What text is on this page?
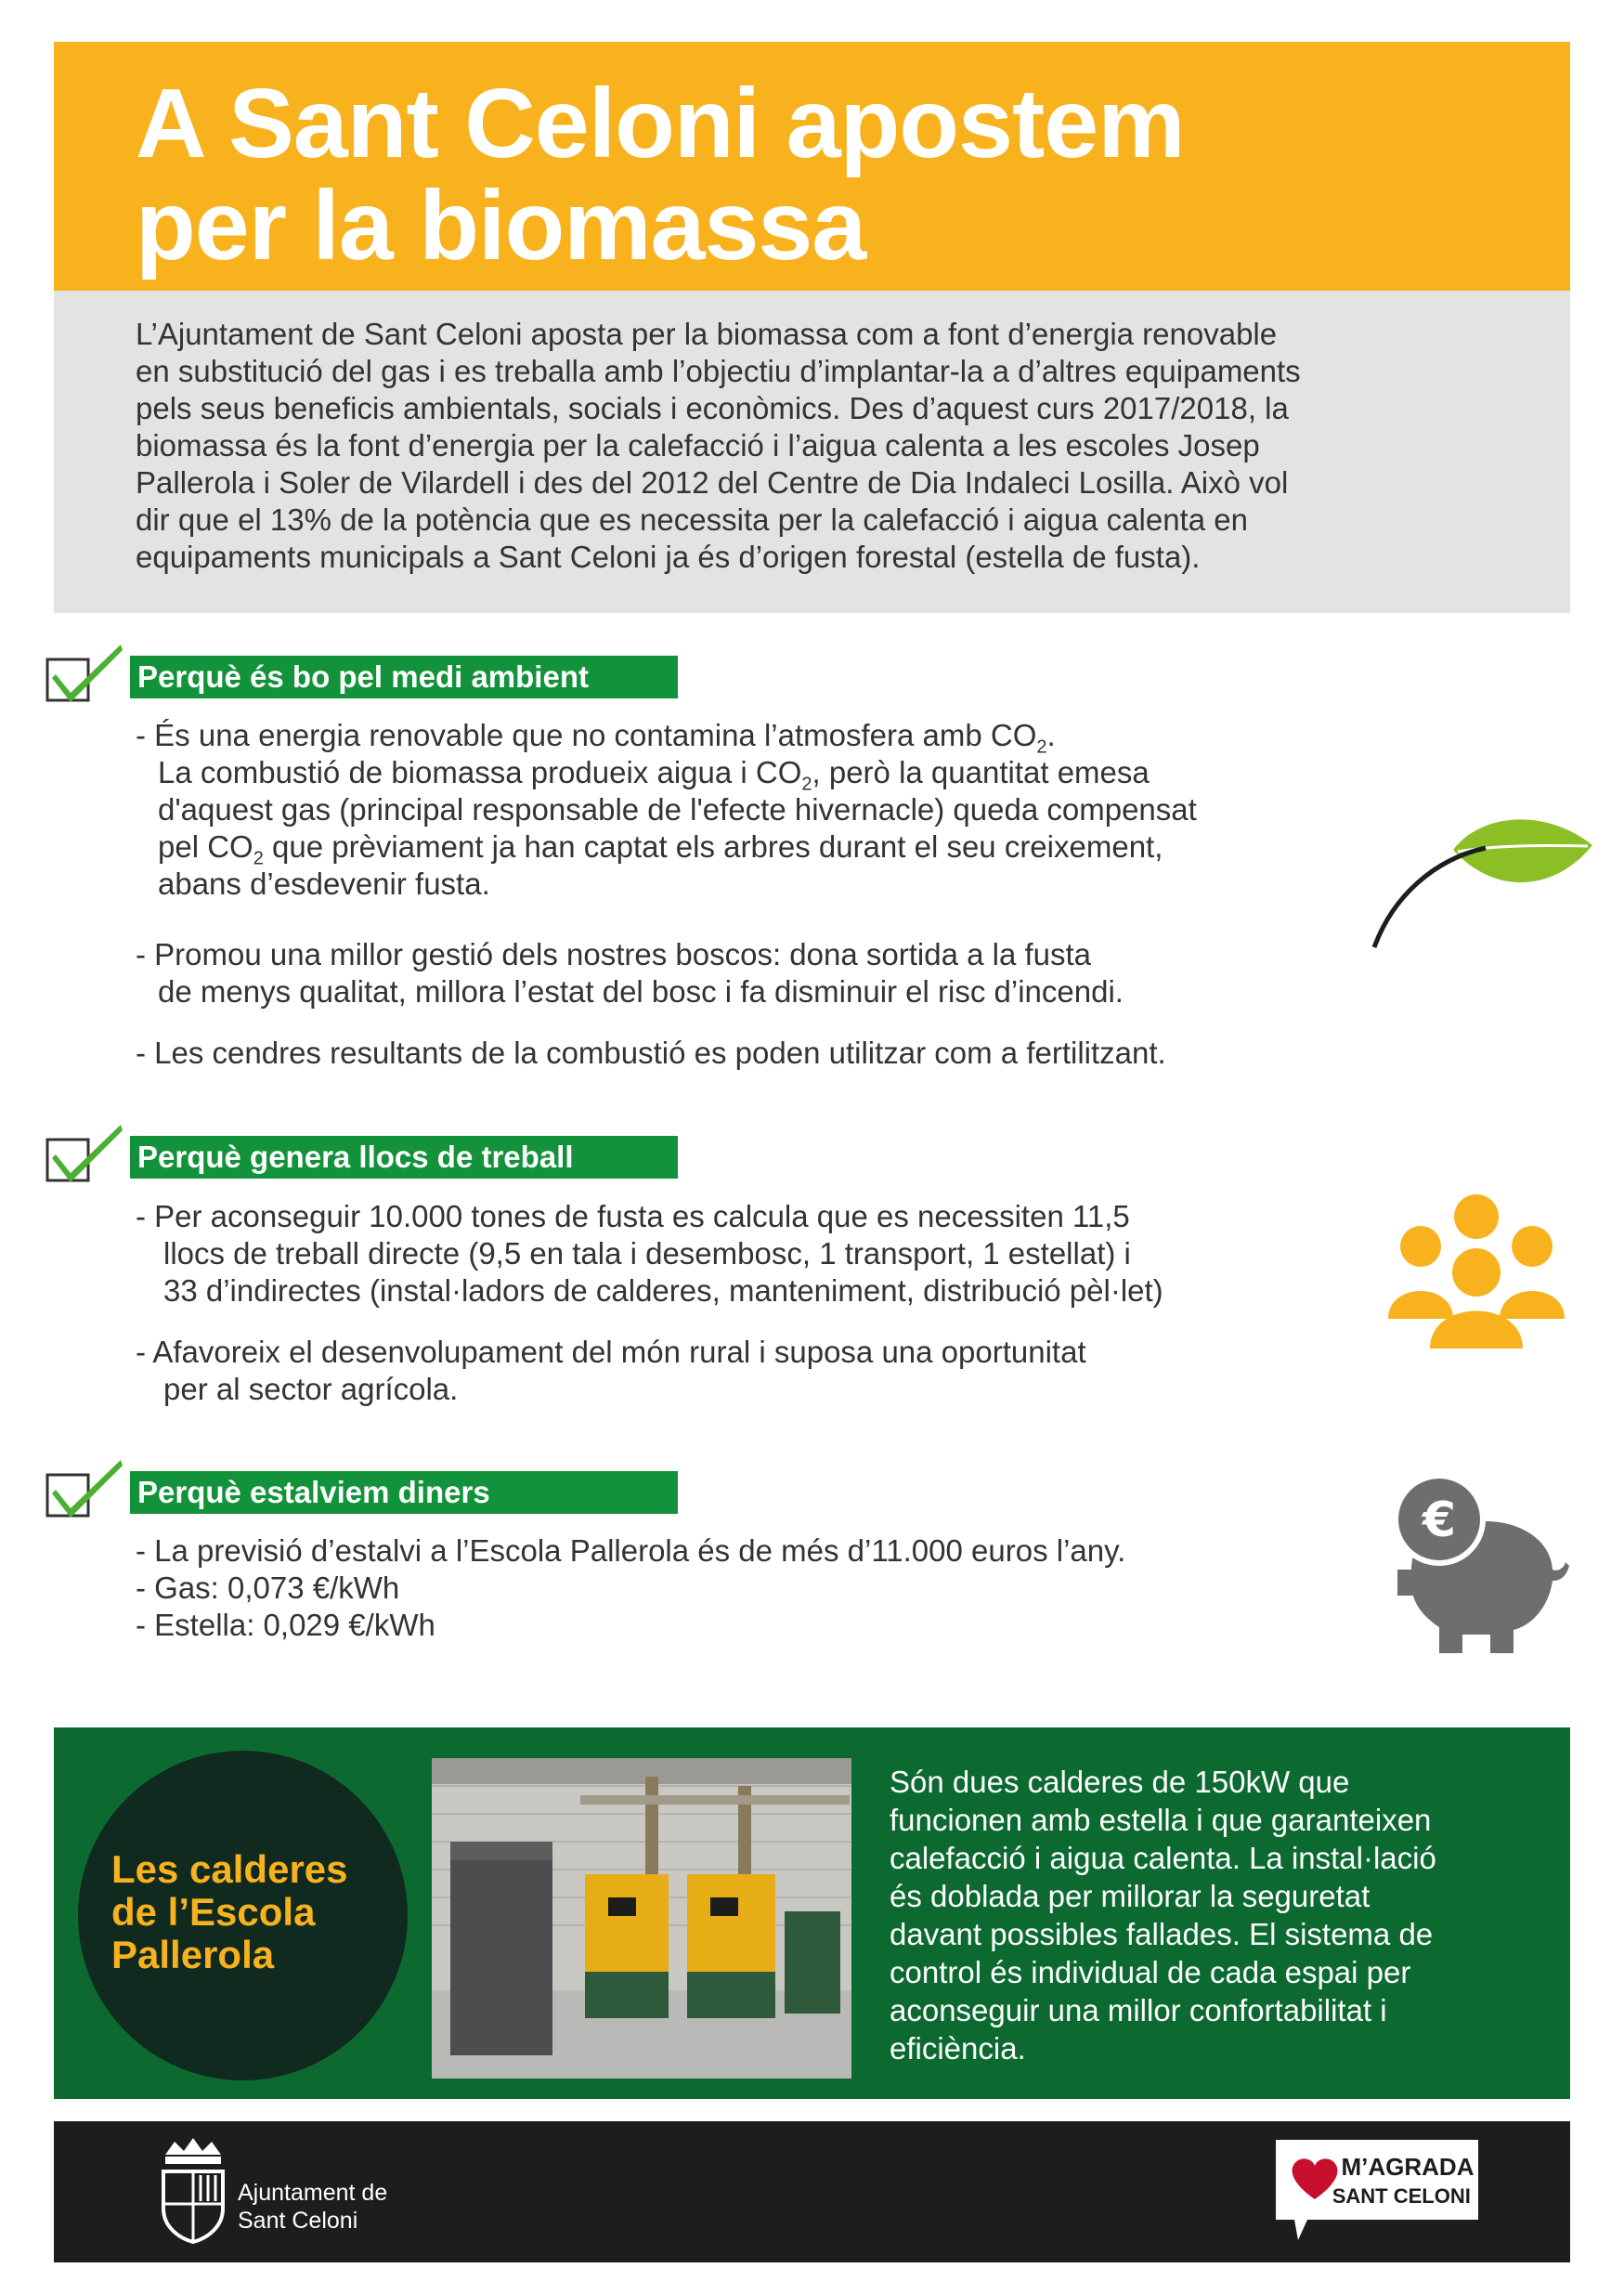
A Sant Celoni apostem
per la biomassa
L’Ajuntament de Sant Celoni aposta per la biomassa com a font d’energia renovable
en substitució del gas i es treballa amb l’objectiu d’implantar-la a d’altres equipaments
pels seus beneficis ambientals, socials i econòmics. Des d’aquest curs 2017/2018, la
biomassa és la font d’energia per la calefacció i l’aigua calenta a les escoles Josep
Pallerola i Soler de Vilardell i des del 2012 del Centre de Dia Indaleci Losilla. Això vol
dir que el 13% de la potència que es necessita per la calefacció i aigua calenta en
equipaments municipals a Sant Celoni ja és d’origen forestal (estella de fusta).
Perquè és bo pel medi ambient
- És una energia renovable que no contamina l’atmosfera amb $CO_2$.
La combustió de biomassa produeix aigua i $CO_2$, però la quantitat emesa
d'aquest gas (principal responsable de l'efecte hivernacle) queda compensat
pel $CO_2$ que prèviament ja han captat els arbres durant el seu creixement,
abans d’esdevenir fusta.
- Promou una millor gestió dels nostres boscos: dona sortida a la fusta
de menys qualitat, millora l’estat del bosc i fa disminuir el risc d’incendi.
- Les cendres resultants de la combustió es poden utilitzar com a fertilitzant.
Perquè genera llocs de treball
- Per aconseguir 10.000 tones de fusta es calcula que es necessiten 11,5
llocs de treball directe (9,5 en tala i desembosc, 1 transport, 1 estellat) i
33 d’indirectes (instal·ladors de calderes, manteniment, distribució pèl·let)
- Afavoreix el desenvolupament del món rural i suposa una oportunitat
per al sector agrícola.
Perquè estalviem diners
- La previsió d’estalvi a l’Escola Pallerola és de més d’11.000 euros l’any.
- Gas: 0,073 €/kWh
- Estella: 0,029 €/kWh
€
Les calderes
de l’Escola
Pallerola
Són dues calderes de 150kW que
funcionen amb estella i que garanteixen
calefacció i aigua calenta. La instal·lació
és doblada per millorar la seguretat
davant possibles fallades. El sistema de
control és individual de cada espai per
aconseguir una millor confortabilitat i
eficiència.
Ajuntament de
Sant Celoni
M’AGRADA
SANT CELONI !
